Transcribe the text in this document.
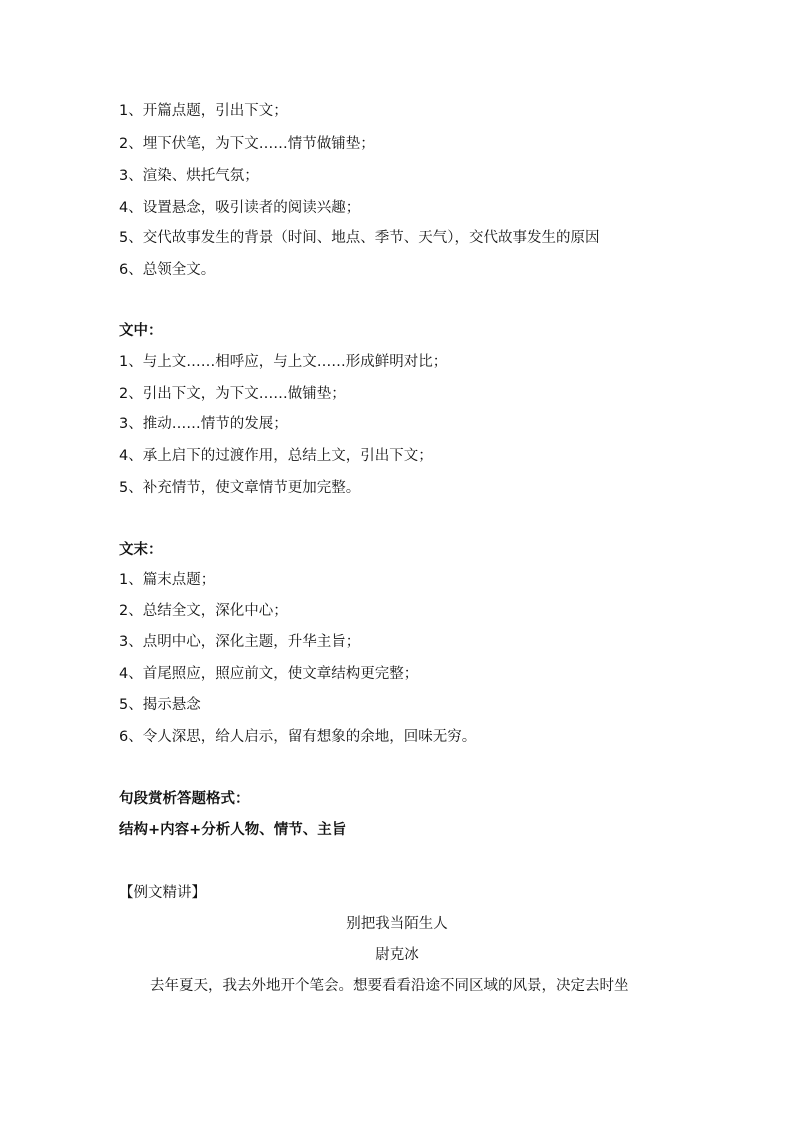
1、开篇点题，引出下文；
2、埋下伏笔，为下文……情节做铺垫；
3、渲染、烘托气氛；
4、设置悬念，吸引读者的阅读兴趣；
5、交代故事发生的背景（时间、地点、季节、天气），交代故事发生的原因
6、总领全文。
文中：
1、与上文……相呼应，与上文……形成鲜明对比；
2、引出下文，为下文……做铺垫；
3、推动……情节的发展；
4、承上启下的过渡作用，总结上文，引出下文；
5、补充情节，使文章情节更加完整。
文末：
1、篇末点题；
2、总结全文，深化中心；
3、点明中心，深化主题，升华主旨；
4、首尾照应，照应前文，使文章结构更完整；
5、揭示悬念
6、令人深思，给人启示，留有想象的余地，回味无穷。
句段赏析答题格式：
结构+内容+分析人物、情节、主旨
【例文精讲】
别把我当陌生人
尉克冰
去年夏天，我去外地开个笔会。想要看看沿途不同区域的风景，决定去时坐
